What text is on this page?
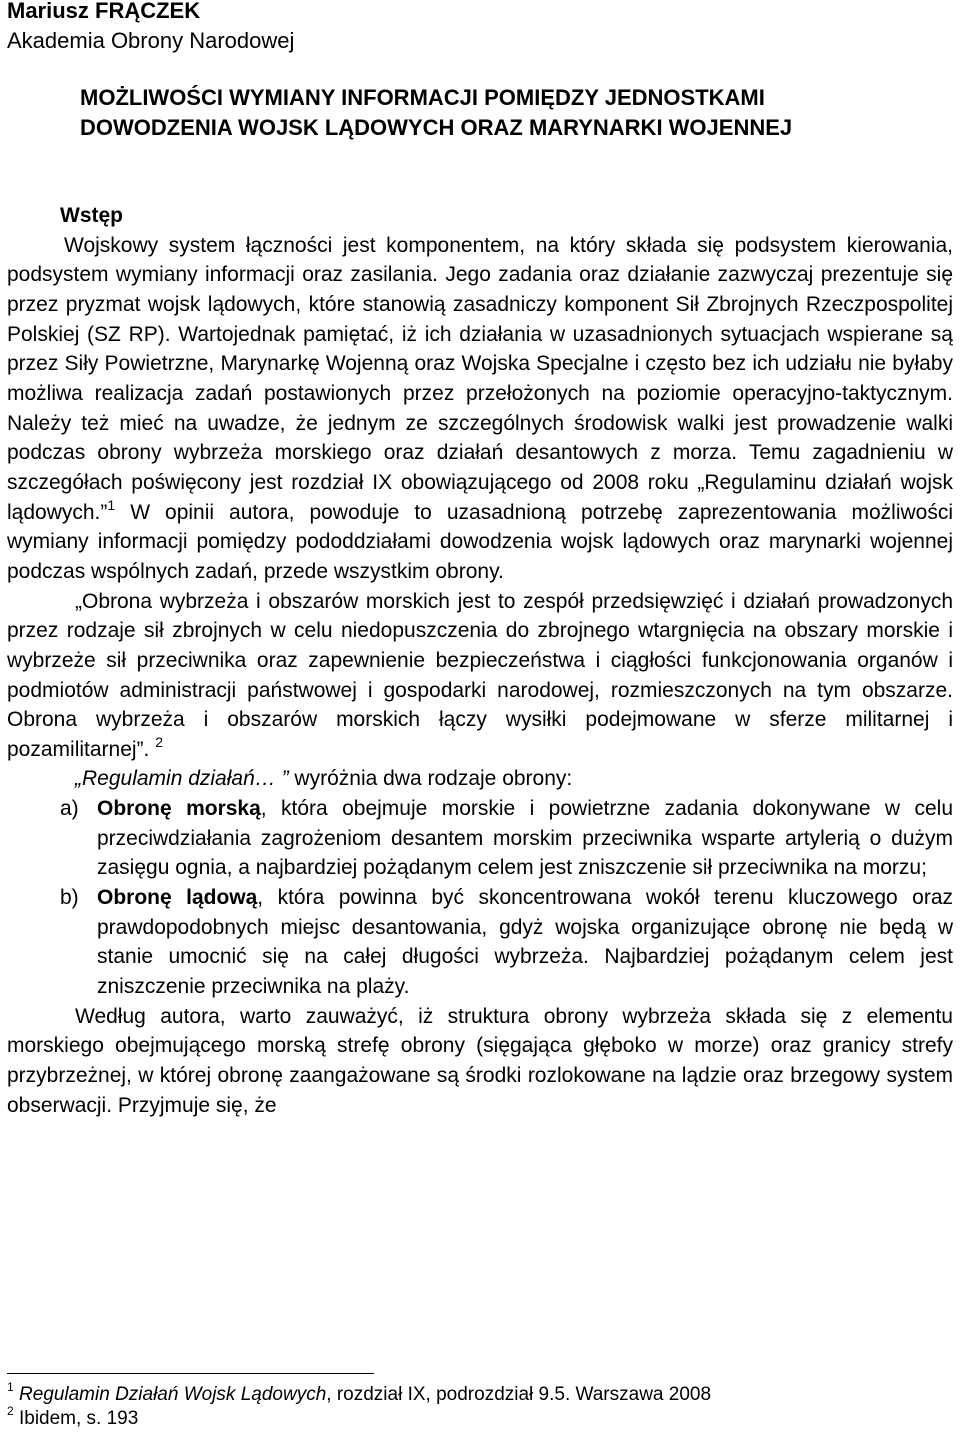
Mariusz FRĄCZEK
Akademia Obrony Narodowej
MOŻLIWOŚCI WYMIANY INFORMACJI POMIĘDZY JEDNOSTKAMI
DOWODZENIA WOJSK LĄDOWYCH ORAZ MARYNARKI WOJENNEJ

Wstęp

Wojskowy system łączności jest komponentem, na który składa się podsystem kierowania, podsystem wymiany informacji oraz zasilania. Jego zadania oraz działanie zazwyczaj prezentuje się przez pryzmat wojsk lądowych, które stanowią zasadniczy komponent Sił Zbrojnych Rzeczpospolitej Polskiej (SZ RP). Wartojednak pamiętać, iż ich działania w uzasadnionych sytuacjach wspierane są przez Siły Powietrzne, Marynarkę Wojenną oraz Wojska Specjalne i często bez ich udziału nie byłaby możliwa realizacja zadań postawionych przez przełożonych na poziomie operacyjno-taktycznym. Należy też mieć na uwadze, że jednym ze szczególnych środowisk walki jest prowadzenie walki podczas obrony wybrzeża morskiego oraz działań desantowych z morza. Temu zagadnieniu w szczegółach poświęcony jest rozdział IX obowiązującego od 2008 roku „Regulaminu działań wojsk lądowych.”$^1$ W opinii autora, powoduje to uzasadnioną potrzebę zaprezentowania możliwości wymiany informacji pomiędzy pododdziałami dowodzenia wojsk lądowych oraz marynarki wojennej podczas wspólnych zadań, przede wszystkim obrony.

„Obrona wybrzeża i obszarów morskich jest to zespół przedsięwzięć i działań prowadzonych przez rodzaje sił zbrojnych w celu niedopuszczenia do zbrojnego wtargnięcia na obszary morskie i wybrzeże sił przeciwnika oraz zapewnienie bezpieczeństwa i ciągłości funkcjonowania organów i podmiotów administracji państwowej i gospodarki narodowej, rozmieszczonych na tym obszarze. Obrona wybrzeża i obszarów morskich łączy wysiłki podejmowane w sferze militarnej i pozamilitarnej”. $^2$

„Regulamin działań… ” wyróżnia dwa rodzaje obrony:

a) Obronę morską, która obejmuje morskie i powietrzne zadania dokonywane w celu przeciwdziałania zagrożeniom desantem morskim przeciwnika wsparte artylerią o dużym zasięgu ognia, a najbardziej pożądanym celem jest zniszczenie sił przeciwnika na morzu;
b) Obronę lądową, która powinna być skoncentrowana wokół terenu kluczowego oraz prawdopodobnych miejsc desantowania, gdyż wojska organizujące obronę nie będą w stanie umocnić się na całej długości wybrzeża. Najbardziej pożądanym celem jest zniszczenie przeciwnika na plaży.

Według autora, warto zauważyć, iż struktura obrony wybrzeża składa się z elementu morskiego obejmującego morską strefę obrony (sięgająca głęboko w morze) oraz granicy strefy przybrzeżnej, w której obronę zaangażowane są środki rozlokowane na lądzie oraz brzegowy system obserwacji. Przyjmuje się, że

$^1$ Regulamin Działań Wojsk Lądowych, rozdział IX, podrozdział 9.5. Warszawa 2008
$^2$ Ibidem, s. 193
